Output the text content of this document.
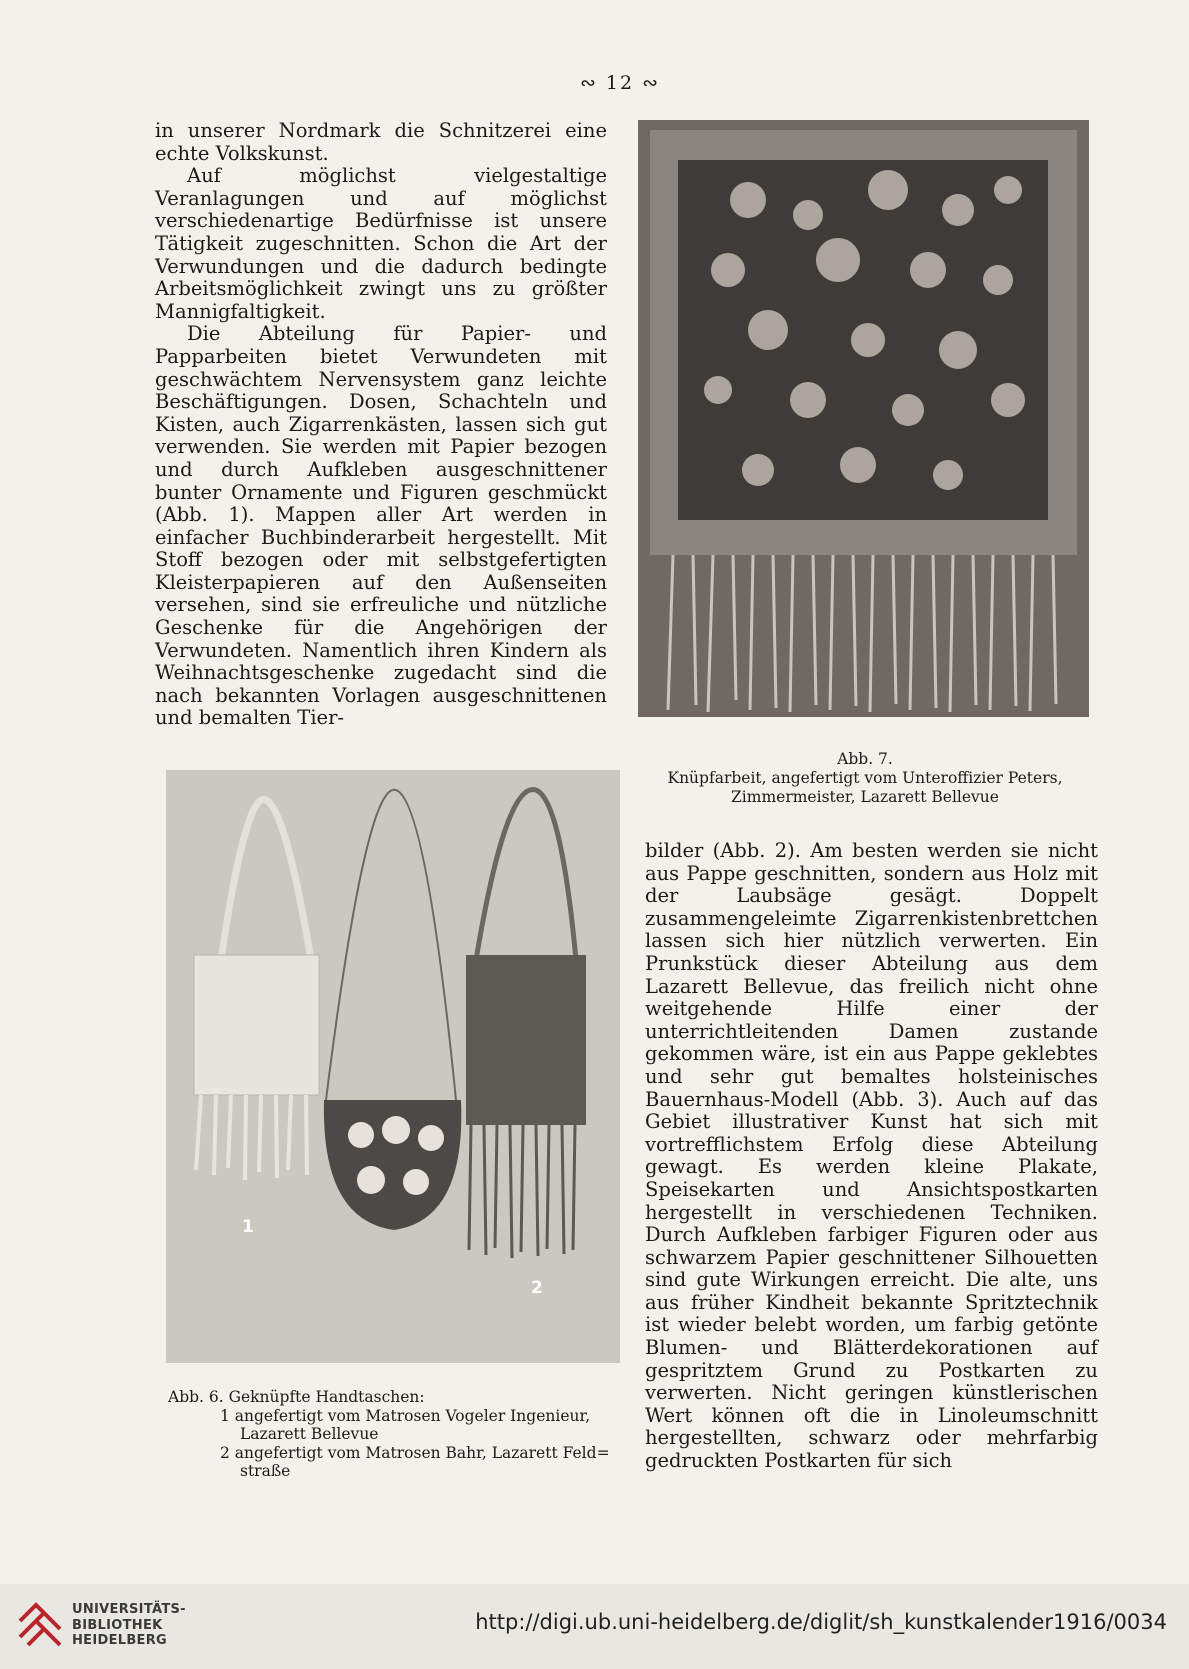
∾ 12 ∾

in unserer Nordmark die Schnitzerei eine echte Volkskunst.

Auf möglichst vielgestaltige Veranlagungen und auf möglichst verschiedenartige Bedürfnisse ist unsere Tätigkeit zugeschnitten. Schon die Art der Verwundungen und die dadurch bedingte Arbeitsmöglichkeit zwingt uns zu größter Mannigfaltigkeit.

Die Abteilung für Papier- und Papparbeiten bietet Verwundeten mit geschwächtem Nervensystem ganz leichte Beschäftigungen. Dosen, Schachteln und Kisten, auch Zigarrenkästen, lassen sich gut verwenden. Sie werden mit Papier bezogen und durch Aufkleben ausgeschnittener bunter Ornamente und Figuren geschmückt (Abb. 1). Mappen aller Art werden in einfacher Buchbinderarbeit hergestellt. Mit Stoff bezogen oder mit selbstgefertigten Kleisterpapieren auf den Außenseiten versehen, sind sie erfreuliche und nützliche Geschenke für die Angehörigen der Verwundeten. Namentlich ihren Kindern als Weihnachtsgeschenke zugedacht sind die nach bekannten Vorlagen ausgeschnittenen und bemalten Tier-

Abb. 7.
Knüpfarbeit, angefertigt vom Unteroffizier Peters,
Zimmermeister, Lazarett Bellevue
1
2
Abb. 6. Geknüpfte Handtaschen:
1 angefertigt vom Matrosen Vogeler Ingenieur,
Lazarett Bellevue
2 angefertigt vom Matrosen Bahr, Lazarett Feld=
straße

bilder (Abb. 2). Am besten werden sie nicht aus Pappe geschnitten, sondern aus Holz mit der Laubsäge gesägt. Doppelt zusammengeleimte Zigarrenkistenbrettchen lassen sich hier nützlich verwerten. Ein Prunkstück dieser Abteilung aus dem Lazarett Bellevue, das freilich nicht ohne weitgehende Hilfe einer der unterrichtleitenden Damen zustande gekommen wäre, ist ein aus Pappe geklebtes und sehr gut bemaltes holsteinisches Bauernhaus-Modell (Abb. 3). Auch auf das Gebiet illustrativer Kunst hat sich mit vortrefflichstem Erfolg diese Abteilung gewagt. Es werden kleine Plakate, Speisekarten und Ansichtspostkarten hergestellt in verschiedenen Techniken. Durch Aufkleben farbiger Figuren oder aus schwarzem Papier geschnittener Silhouetten sind gute Wirkungen erreicht. Die alte, uns aus früher Kindheit bekannte Spritztechnik ist wieder belebt worden, um farbig getönte Blumen- und Blätterdekorationen auf gespritztem Grund zu Postkarten zu verwerten. Nicht geringen künstlerischen Wert können oft die in Linoleumschnitt hergestellten, schwarz oder mehrfarbig gedruckten Postkarten für sich

UNIVERSITÄTS-
BIBLIOTHEK
HEIDELBERG
http://digi.ub.uni-heidelberg.de/diglit/sh_kunstkalender1916/0034
